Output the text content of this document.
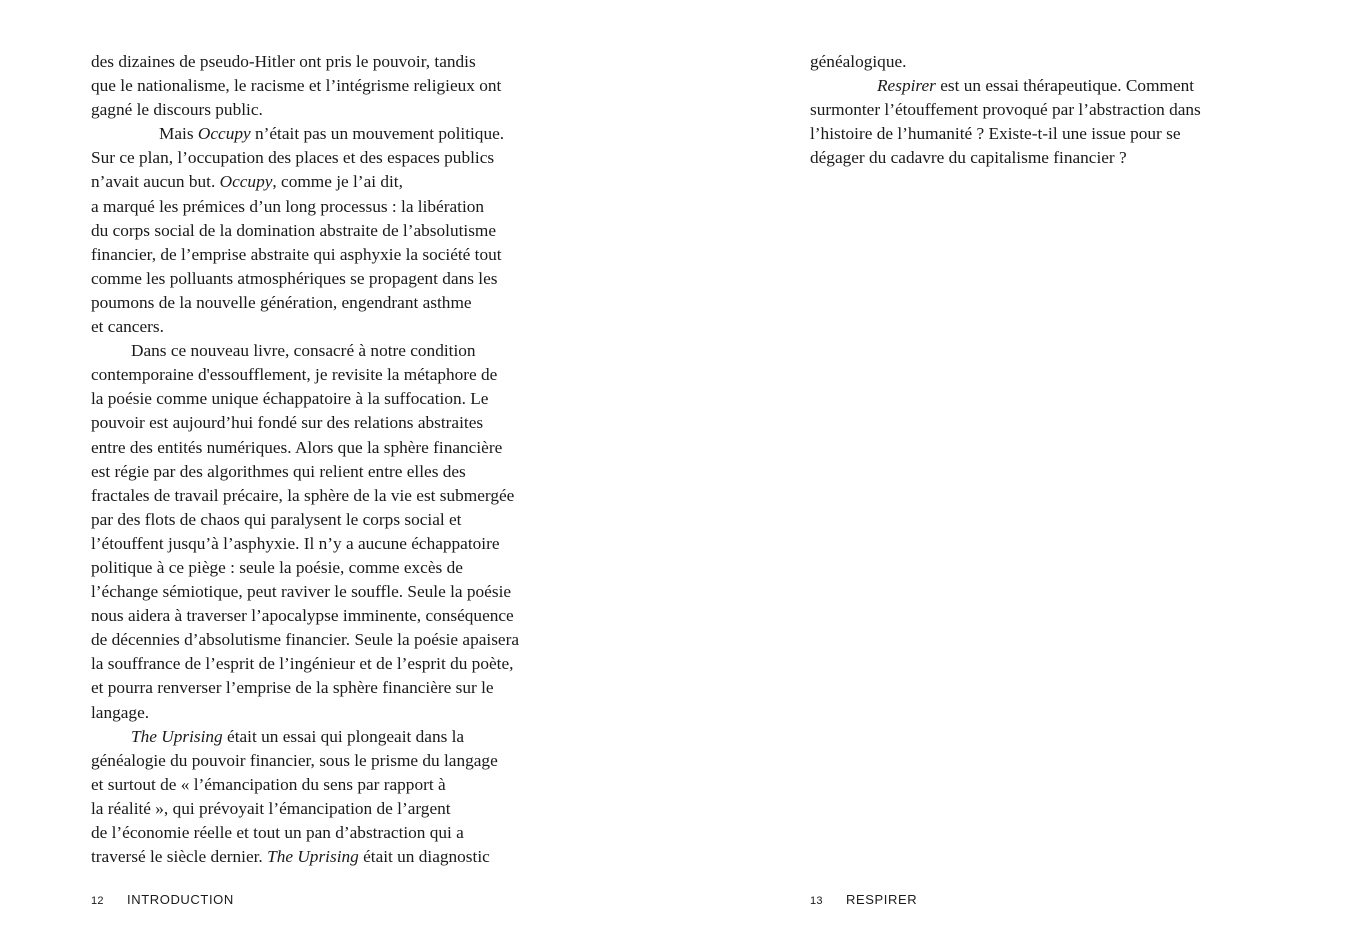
des dizaines de pseudo-Hitler ont pris le pouvoir, tandis
que le nationalisme, le racisme et l’intégrisme religieux ont
gagné le discours public.
Mais Occupy n’était pas un mouvement politique.
Sur ce plan, l’occupation des places et des espaces publics
n’avait aucun but. Occupy, comme je l’ai dit,
a marqué les prémices d’un long processus : la libération
du corps social de la domination abstraite de l’absolutisme
financier, de l’emprise abstraite qui asphyxie la société tout
comme les polluants atmosphériques se propagent dans les
poumons de la nouvelle génération, engendrant asthme
et cancers.
Dans ce nouveau livre, consacré à notre condition
contemporaine d'essoufflement, je revisite la métaphore de
la poésie comme unique échappatoire à la suffocation. Le
pouvoir est aujourd’hui fondé sur des relations abstraites
entre des entités numériques. Alors que la sphère financière
est régie par des algorithmes qui relient entre elles des
fractales de travail précaire, la sphère de la vie est submergée
par des flots de chaos qui paralysent le corps social et
l’étouffent jusqu’à l’asphyxie. Il n’y a aucune échappatoire
politique à ce piège : seule la poésie, comme excès de
l’échange sémiotique, peut raviver le souffle. Seule la poésie
nous aidera à traverser l’apocalypse imminente, conséquence
de décennies d’absolutisme financier. Seule la poésie apaisera
la souffrance de l’esprit de l’ingénieur et de l’esprit du poète,
et pourra renverser l’emprise de la sphère financière sur le
langage.
The Uprising était un essai qui plongeait dans la
généalogie du pouvoir financier, sous le prisme du langage
et surtout de « l’émancipation du sens par rapport à
la réalité », qui prévoyait l’émancipation de l’argent
de l’économie réelle et tout un pan d’abstraction qui a
traversé le siècle dernier. The Uprising était un diagnostic
12	INTRODUCTION
généalogique.
Respirer est un essai thérapeutique. Comment
surmonter l’étouffement provoqué par l’abstraction dans
l’histoire de l’humanité ? Existe-t-il une issue pour se
dégager du cadavre du capitalisme financier ?
13	RESPIRER
